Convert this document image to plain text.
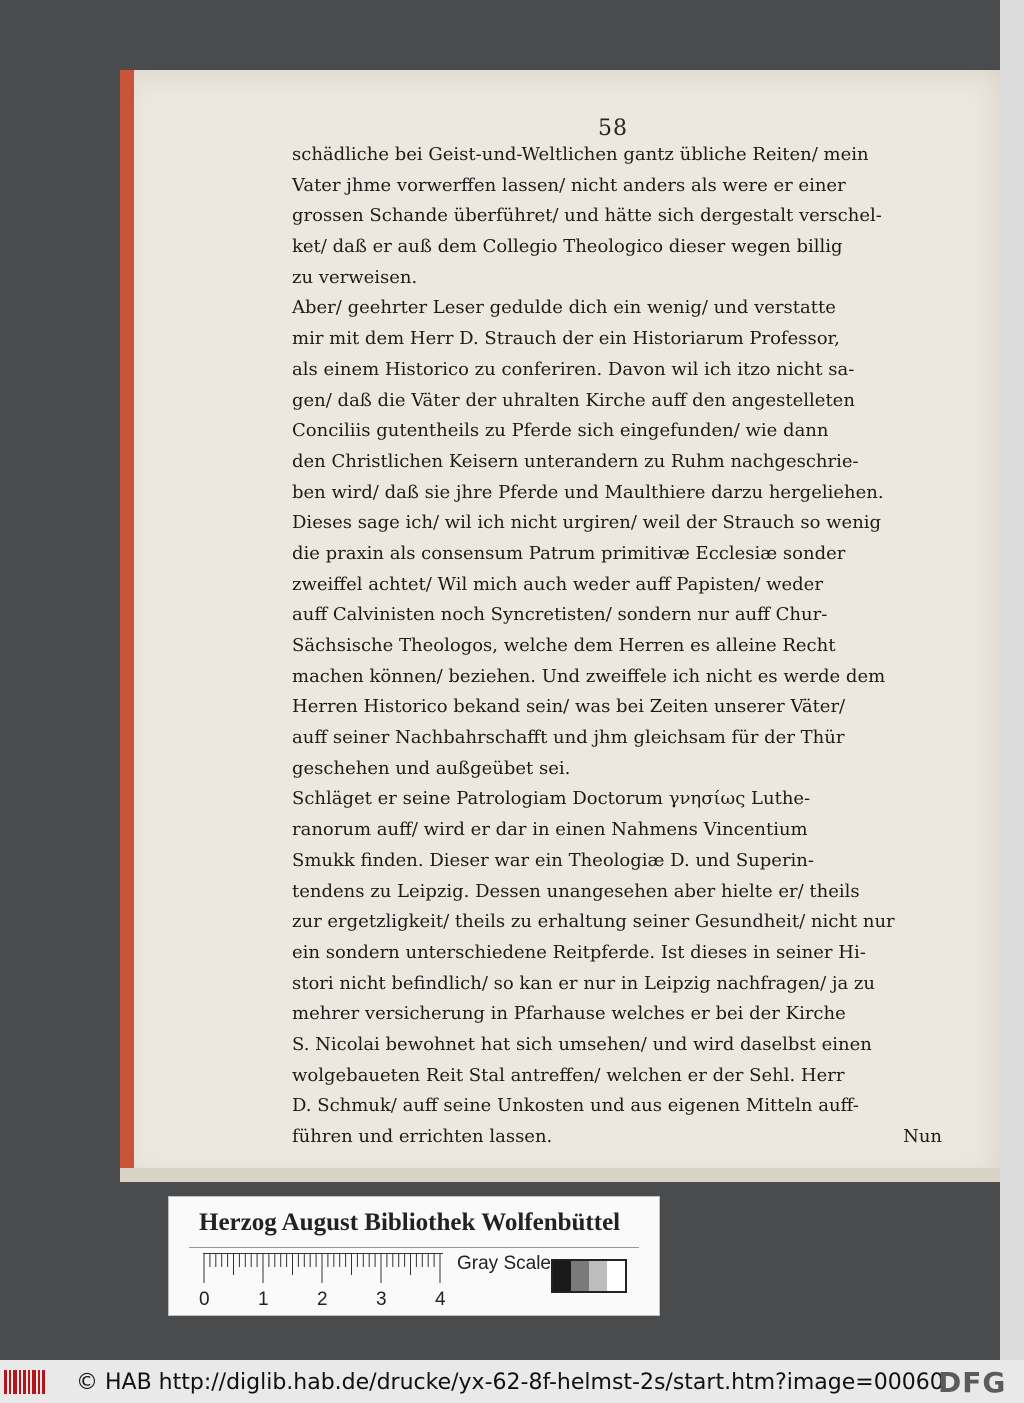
58
schädliche bei Geist-und-Weltlichen gantz übliche Reiten/ mein
Vater jhme vorwerffen lassen/ nicht anders als were er einer
grossen Schande überführet/ und hätte sich dergestalt verschel-
ket/ daß er auß dem Collegio Theologico dieser wegen billig
zu verweisen.
Aber/ geehrter Leser gedulde dich ein wenig/ und verstatte
mir mit dem Herr D. Strauch der ein Historiarum Professor,
als einem Historico zu conferiren. Davon wil ich itzo nicht sa-
gen/ daß die Väter der uhralten Kirche auff den angestelleten
Conciliis gutentheils zu Pferde sich eingefunden/ wie dann
den Christlichen Keisern unterandern zu Ruhm nachgeschrie-
ben wird/ daß sie jhre Pferde und Maulthiere darzu hergeliehen.
Dieses sage ich/ wil ich nicht urgiren/ weil der Strauch so wenig
die praxin als consensum Patrum primitivæ Ecclesiæ sonder
zweiffel achtet/ Wil mich auch weder auff Papisten/ weder
auff Calvinisten noch Syncretisten/ sondern nur auff Chur-
Sächsische Theologos, welche dem Herren es alleine Recht
machen können/ beziehen. Und zweiffele ich nicht es werde dem
Herren Historico bekand sein/ was bei Zeiten unserer Väter/
auff seiner Nachbahrschafft und jhm gleichsam für der Thür
geschehen und außgeübet sei.
Schläget er seine Patrologiam Doctorum γνησίως Luthe-
ranorum auff/ wird er dar in einen Nahmens Vincentium
Smukk finden. Dieser war ein Theologiæ D. und Superin-
tendens zu Leipzig. Dessen unangesehen aber hielte er/ theils
zur ergetzligkeit/ theils zu erhaltung seiner Gesundheit/ nicht nur
ein sondern unterschiedene Reitpferde. Ist dieses in seiner Hi-
stori nicht befindlich/ so kan er nur in Leipzig nachfragen/ ja zu
mehrer versicherung in Pfarhause welches er bei der Kirche
S. Nicolai bewohnet hat sich umsehen/ und wird daselbst einen
wolgebaueten Reit Stal antreffen/ welchen er der Sehl. Herr
D. Schmuk/ auff seine Unkosten und aus eigenen Mitteln auff-
führen und errichten lassen.	Nun
Herzog August Bibliothek Wolfenbüttel
0	1	2	3	4
Gray Scale
© HAB http://diglib.hab.de/drucke/yx-62-8f-helmst-2s/start.htm?image=00060
DFG
